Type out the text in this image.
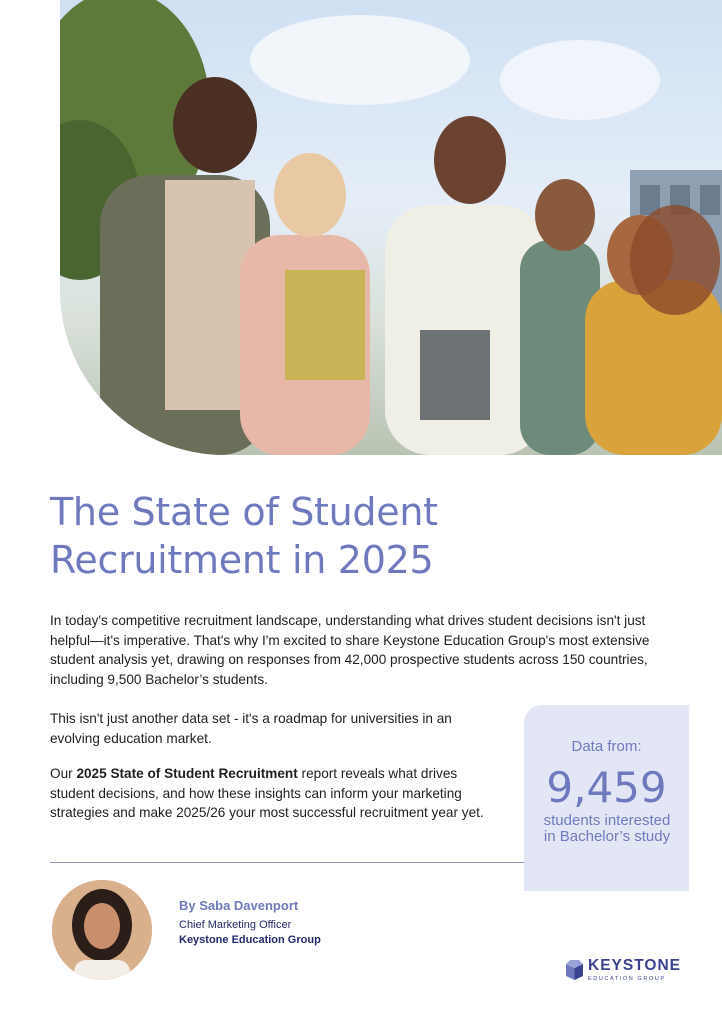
The State of Student
Recruitment in 2025

In today's competitive recruitment landscape, understanding what drives student decisions isn't just helpful—it's imperative. That's why I'm excited to share Keystone Education Group's most extensive student analysis yet, drawing on responses from 42,000 prospective students across 150 countries, including 9,500 Bachelor’s students.

This isn't just another data set - it's a roadmap for universities in an evolving education market.

Our 2025 State of Student Recruitment report reveals what drives student decisions, and how these insights can inform your marketing strategies and make 2025/26 your most successful recruitment year yet.

Data from:
9,459
students interested in Bachelor’s study
By Saba Davenport
Chief Marketing Officer
Keystone Education Group
KEYSTONE
EDUCATION GROUP
